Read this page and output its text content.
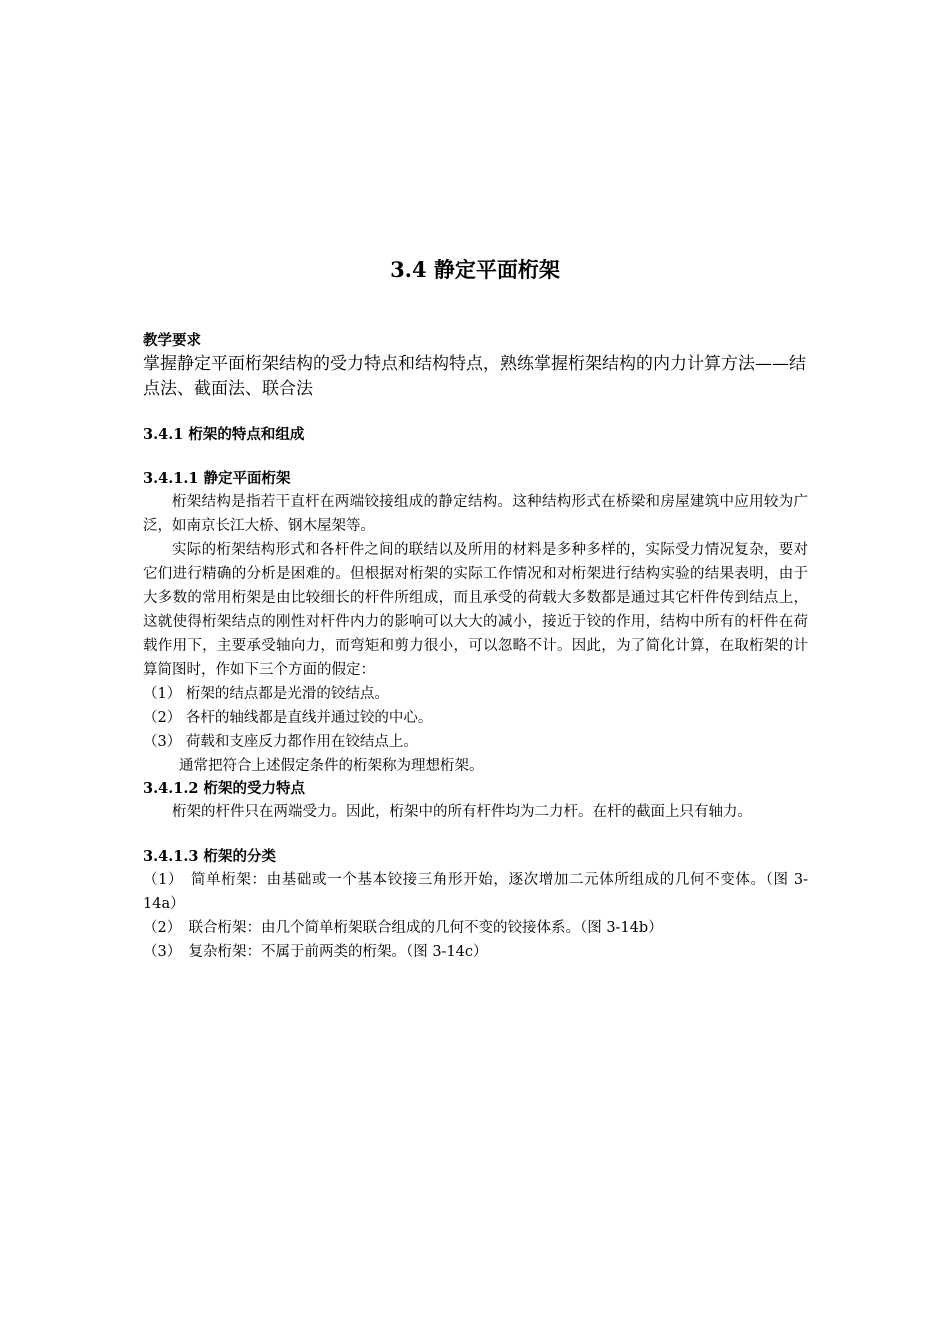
3.4 静定平面桁架

教学要求

掌握静定平面桁架结构的受力特点和结构特点，熟练掌握桁架结构的内力计算方法——结点法、截面法、联合法

3.4.1 桁架的特点和组成

3.4.1.1 静定平面桁架

桁架结构是指若干直杆在两端铰接组成的静定结构。这种结构形式在桥梁和房屋建筑中应用较为广泛，如南京长江大桥、钢木屋架等。

实际的桁架结构形式和各杆件之间的联结以及所用的材料是多种多样的，实际受力情况复杂，要对它们进行精确的分析是困难的。但根据对桁架的实际工作情况和对桁架进行结构实验的结果表明，由于大多数的常用桁架是由比较细长的杆件所组成，而且承受的荷载大多数都是通过其它杆件传到结点上，这就使得桁架结点的刚性对杆件内力的影响可以大大的减小，接近于铰的作用，结构中所有的杆件在荷载作用下，主要承受轴向力，而弯矩和剪力很小，可以忽略不计。因此，为了简化计算，在取桁架的计算简图时，作如下三个方面的假定：

（1） 桁架的结点都是光滑的铰结点。

（2） 各杆的轴线都是直线并通过铰的中心。

（3） 荷载和支座反力都作用在铰结点上。

通常把符合上述假定条件的桁架称为理想桁架。

3.4.1.2 桁架的受力特点

桁架的杆件只在两端受力。因此，桁架中的所有杆件均为二力杆。在杆的截面上只有轴力。

3.4.1.3 桁架的分类

（1）　简单桁架：由基础或一个基本铰接三角形开始，逐次增加二元体所组成的几何不变体。（图 3-14a）

（2）　联合桁架：由几个简单桁架联合组成的几何不变的铰接体系。（图 3-14b）

（3）　复杂桁架：不属于前两类的桁架。（图 3-14c）
